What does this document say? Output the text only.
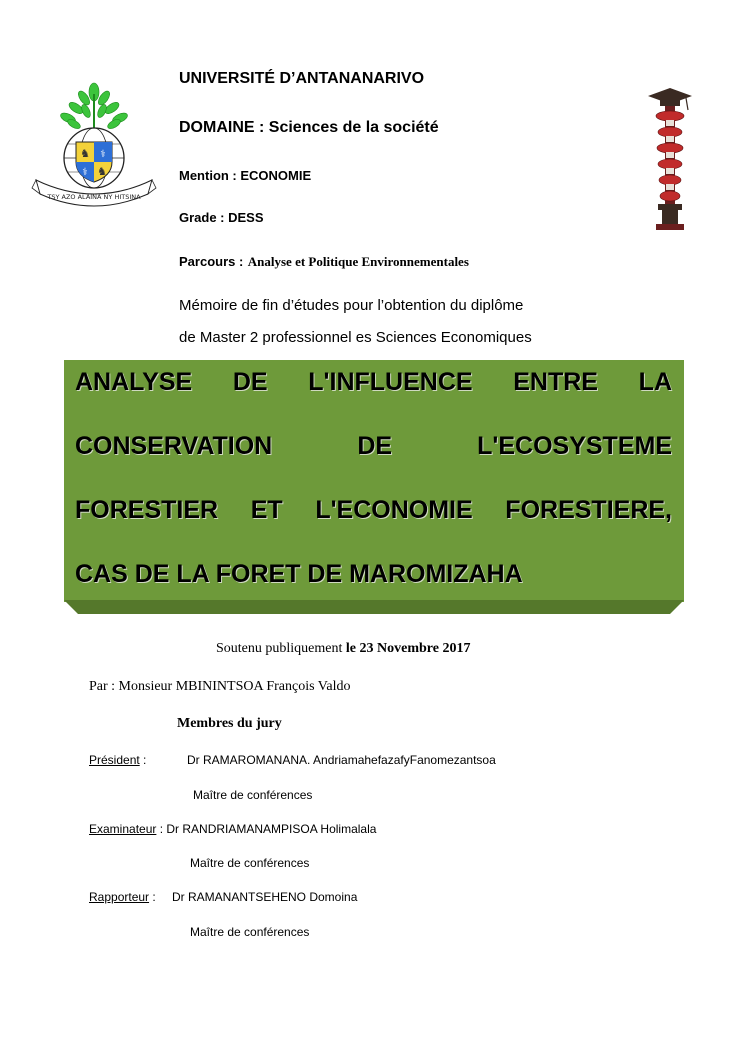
♞ ⚕
⚕ ♞
TSY AZO ALAINA NY HITSINA
UNIVERSITÉ D’ANTANANARIVO
DOMAINE : Sciences de la société
Mention : ECONOMIE
Grade : DESS
Parcours : Analyse et Politique Environnementales
Mémoire de fin d’études pour l’obtention du diplôme
de Master 2 professionnel es Sciences Economiques
ANALYSE DE L'INFLUENCE ENTRE LA
CONSERVATION DE L'ECOSYSTEME
FORESTIER ET L'ECONOMIE FORESTIERE,
CAS DE LA FORET DE MAROMIZAHA
Soutenu publiquement le 23 Novembre 2017
Par : Monsieur MBININTSOA François Valdo
Membres du jury
Président :	Dr RAMAROMANANA. AndriamahefazafyFanomezantsoa
Maître de conférences
Examinateur : Dr RANDRIAMANAMPISOA Holimalala
Maître de conférences
Rapporteur : Dr RAMANANTSEHENO Domoina
Maître de conférences
